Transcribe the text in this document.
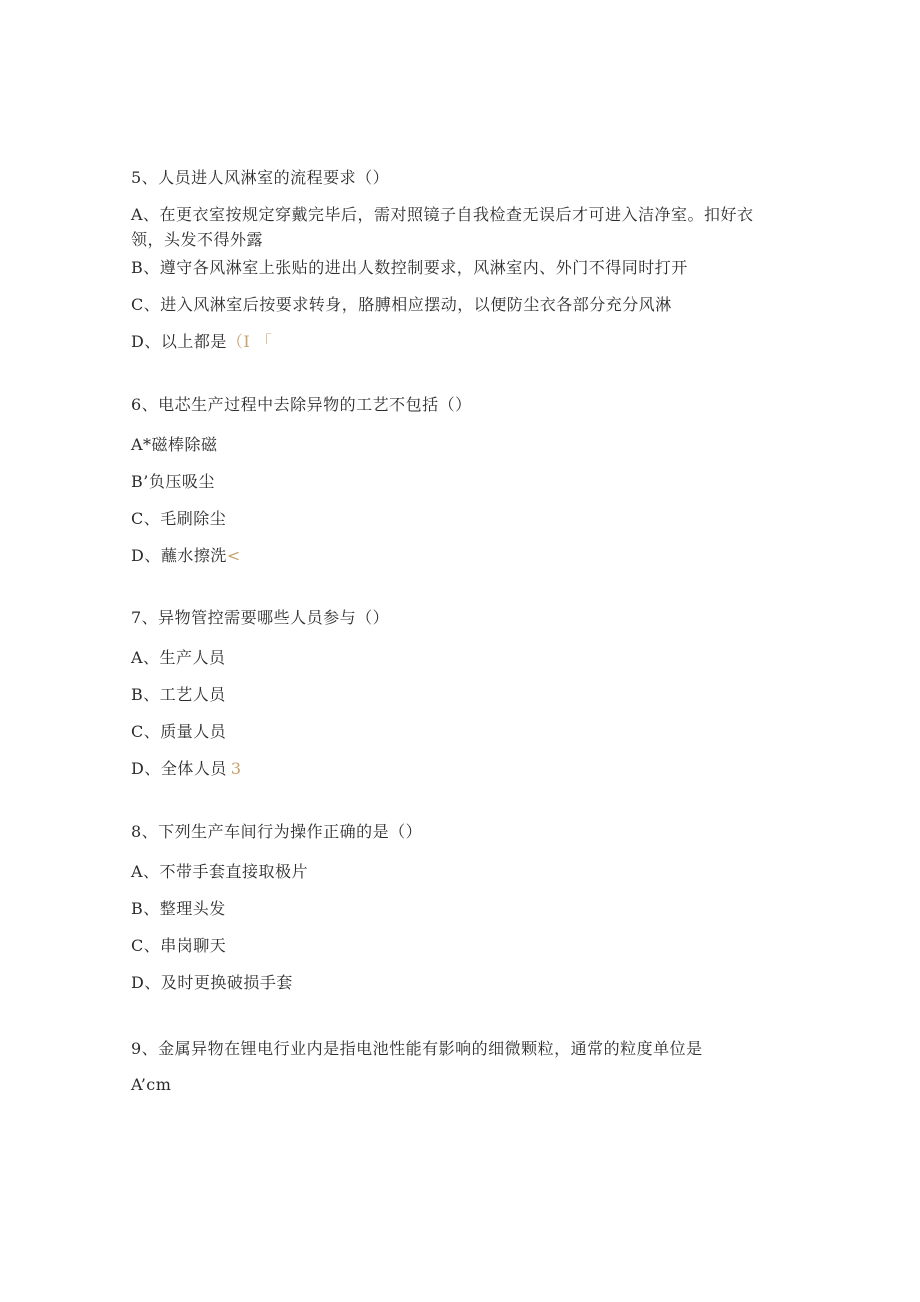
5、人员进人风淋室的流程要求（）
A、在更衣室按规定穿戴完毕后，需对照镜子自我检查无误后才可进入洁净室。扣好衣领，头发不得外露
B、遵守各风淋室上张贴的进出人数控制要求，风淋室内、外门不得同时打开
C、进入风淋室后按要求转身，胳膊相应摆动，以便防尘衣各部分充分风淋
D、以上都是（I 「
6、电芯生产过程中去除异物的工艺不包括（）
A*磁棒除磁
B’负压吸尘
C、毛刷除尘
D、蘸水擦洗<
7、异物管控需要哪些人员参与（）
A、生产人员
B、工艺人员
C、质量人员
D、全体人员 3
8、下列生产车间行为操作正确的是（）
A、不带手套直接取极片
B、整理头发
C、串岗聊天
D、及时更换破损手套
9、金属异物在锂电行业内是指电池性能有影响的细微颗粒，通常的粒度单位是
A’cm
